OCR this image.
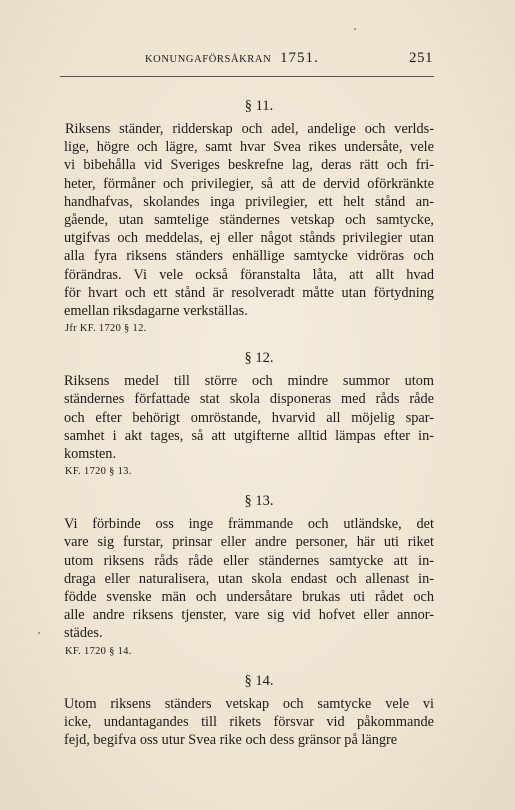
KONUNGAFÖRSÅKRAN 1751.	251

§ 11.

Riksens ständer, ridderskap och adel, andelige och verlds-
lige, högre och lägre, samt hvar Svea rikes undersåte, vele
vi bibehålla vid Sveriges beskrefne lag, deras rätt och fri-
heter, förmåner och privilegier, så att de dervid oförkränkte
handhafvas, skolandes inga privilegier, ett helt stånd an-
gående, utan samtelige ständernes vetskap och samtycke,
utgifvas och meddelas, ej eller något stånds privilegier utan
alla fyra riksens ständers enhällige samtycke vidröras och
förändras. Vi vele också föranstalta låta, att allt hvad
för hvart och ett stånd är resolveradt måtte utan förtydning
emellan riksdagarne verkställas.

Jfr KF. 1720 § 12.

§ 12.

Riksens medel till större och mindre summor utom
ständernes författade stat skola disponeras med råds råde
och efter behörigt omröstande, hvarvid all möjelig spar-
samhet i akt tages, så att utgifterne alltid lämpas efter in-
komsten.

KF. 1720 § 13.

§ 13.

Vi förbinde oss inge främmande och utländske, det
vare sig furstar, prinsar eller andre personer, här uti riket
utom riksens råds råde eller ständernes samtycke att in-
draga eller naturalisera, utan skola endast och allenast in-
födde svenske män och undersåtare brukas uti rådet och
alle andre riksens tjenster, vare sig vid hofvet eller annor-
städes.

KF. 1720 § 14.

§ 14.

Utom riksens ständers vetskap och samtycke vele vi
icke, undantagandes till rikets försvar vid påkommande
fejd, begifva oss utur Svea rike och dess gränsor på längre
